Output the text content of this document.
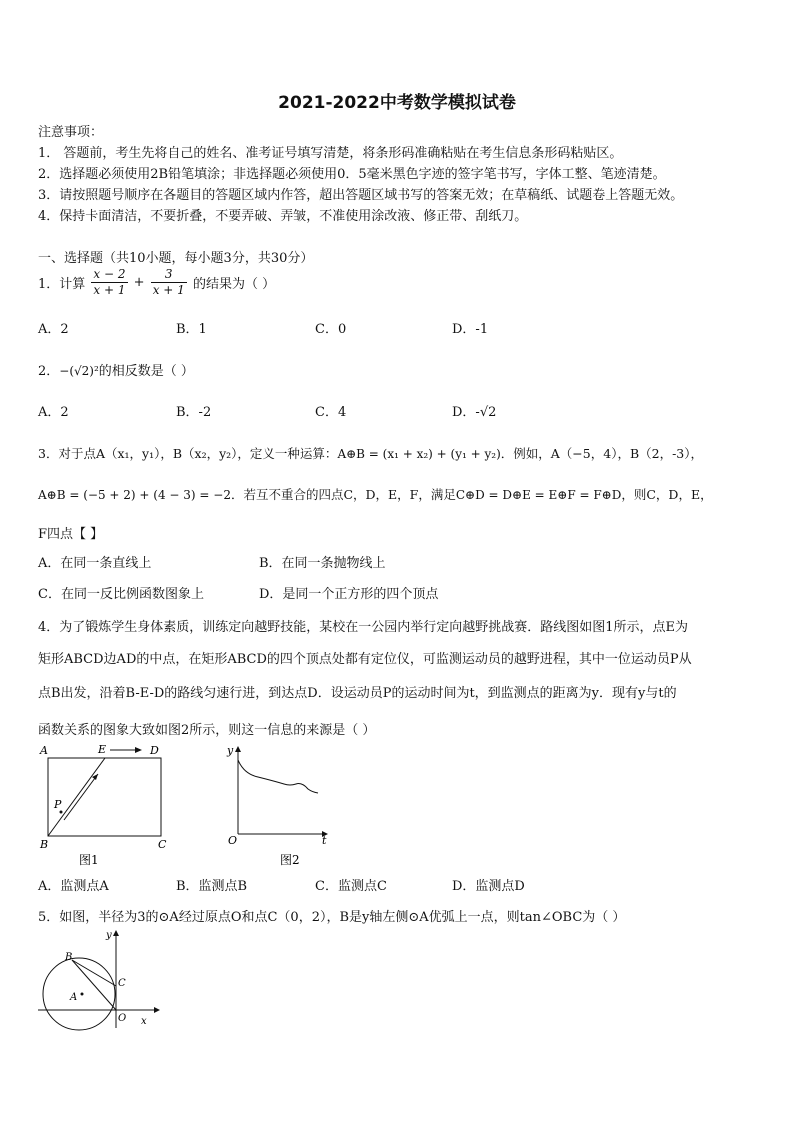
2021-2022中考数学模拟试卷
注意事项：
1． 答题前，考生先将自己的姓名、准考证号填写清楚，将条形码准确粘贴在考生信息条形码粘贴区。
2．选择题必须使用2B铅笔填涂；非选择题必须使用0．5毫米黑色字迹的签字笔书写，字体工整、笔迹清楚。
3．请按照题号顺序在各题目的答题区域内作答，超出答题区域书写的答案无效；在草稿纸、试题卷上答题无效。
4．保持卡面清洁，不要折叠，不要弄破、弄皱，不准使用涂改液、修正带、刮纸刀。
一、选择题（共10小题，每小题3分，共30分）
1．计算 $\frac{x - 2}{x + 1} + \frac{3}{x + 1}$ 的结果为（ ）
A．2	B．1	C．0	D．-1
2．−(√2)²的相反数是（ ）
A．2	B．-2	C．4	D．-√2
3．对于点A（x₁，y₁），B（x₂，y₂），定义一种运算：A⊕B = (x₁ + x₂) + (y₁ + y₂)．例如，A（−5，4），B（2，-3），
A⊕B = (−5 + 2) + (4 − 3) = −2．若互不重合的四点C，D，E，F，满足C⊕D = D⊕E = E⊕F = F⊕D，则C，D，E，
F四点【 】
A．在同一条直线上	B．在同一条抛物线上
C．在同一反比例函数图象上	D．是同一个正方形的四个顶点
4．为了锻炼学生身体素质，训练定向越野技能，某校在一公园内举行定向越野挑战赛．路线图如图1所示，点E为
矩形ABCD边AD的中点，在矩形ABCD的四个顶点处都有定位仪，可监测运动员的越野进程，其中一位运动员P从
点B出发，沿着B-E-D的路线匀速行进，到达点D．设运动员P的运动时间为t，到监测点的距离为y．现有y与t的
函数关系的图象大致如图2所示，则这一信息的来源是（ ）
A	E	D
B	C
P
图1
y
t
O
图2
A．监测点A	B．监测点B	C．监测点C	D．监测点D
5．如图，半径为3的⊙A经过原点O和点C（0，2），B是y轴左侧⊙A优弧上一点，则tan∠OBC为（ ）
y
x
B
C
A
O
